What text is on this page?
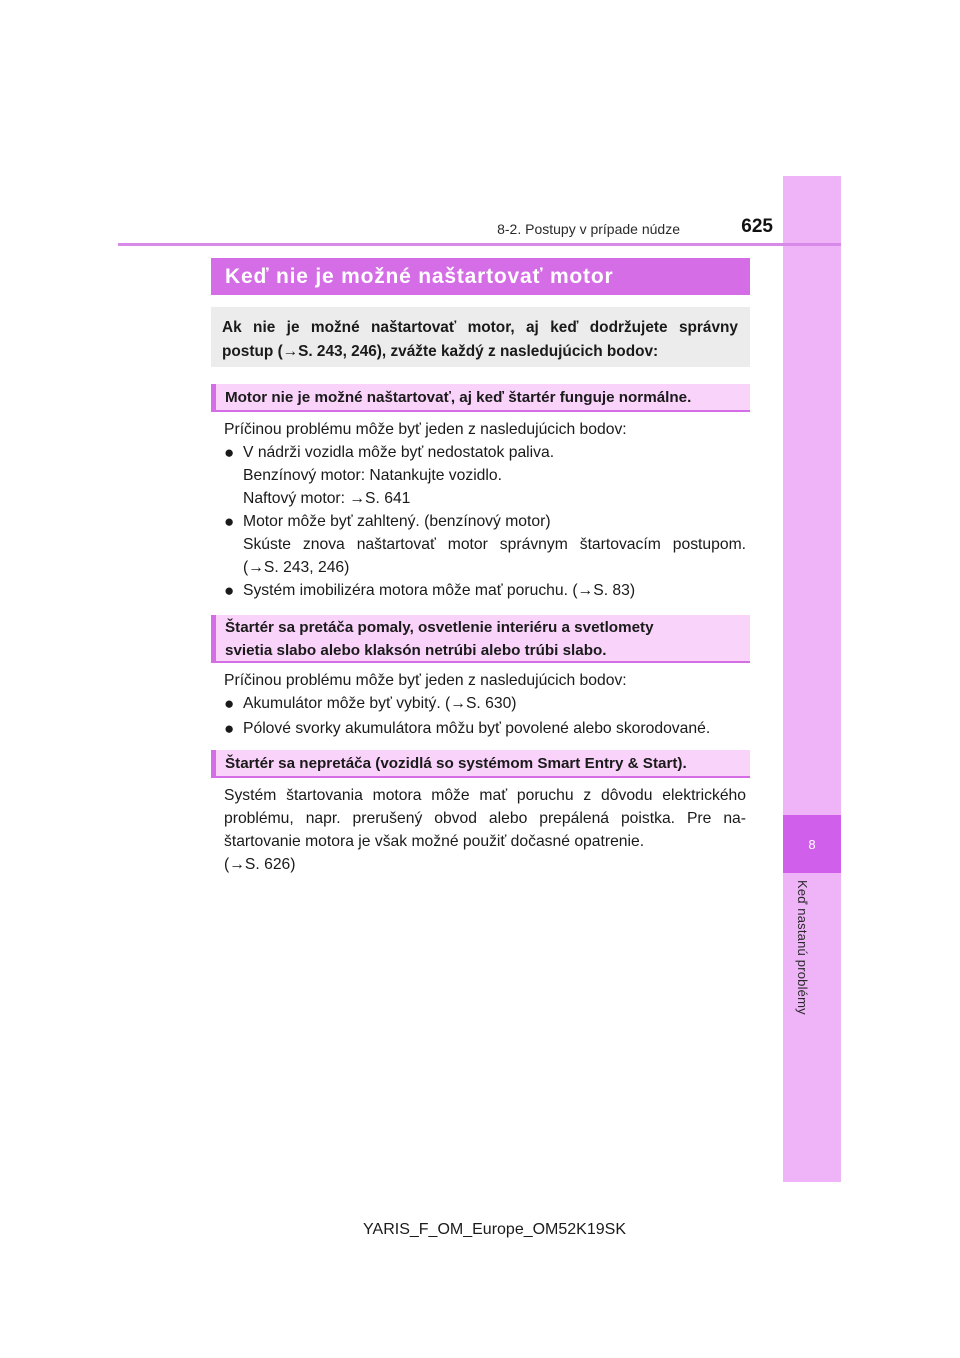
8
Keď nastanú problémy
8-2. Postupy v prípade núdze	625
Keď nie je možné naštartovať motor
Ak nie je možné naštartovať motor, aj keď dodržujete správny
postup (→S. 243, 246), zvážte každý z nasledujúcich bodov:
Motor nie je možné naštartovať, aj keď štartér funguje normálne.
Príčinou problému môže byť jeden z nasledujúcich bodov:
● V nádrži vozidla môže byť nedostatok paliva.
Benzínový motor: Natankujte vozidlo.
Naftový motor: →S. 641
● Motor môže byť zahltený. (benzínový motor)
Skúste znova naštartovať motor správnym štartovacím postupom.
(→S. 243, 246)
● Systém imobilizéra motora môže mať poruchu. (→S. 83)
Štartér sa pretáča pomaly, osvetlenie interiéru a svetlomety
svietia slabo alebo klaksón netrúbi alebo trúbi slabo.
Príčinou problému môže byť jeden z nasledujúcich bodov:
● Akumulátor môže byť vybitý. (→S. 630)
● Pólové svorky akumulátora môžu byť povolené alebo skorodované.
Štartér sa nepretáča (vozidlá so systémom Smart Entry & Start).
Systém štartovania motora môže mať poruchu z dôvodu elektrického
problému, napr. prerušený obvod alebo prepálená poistka. Pre na-
štartovanie motora je však možné použiť dočasné opatrenie.
(→S. 626)
YARIS_F_OM_Europe_OM52K19SK
